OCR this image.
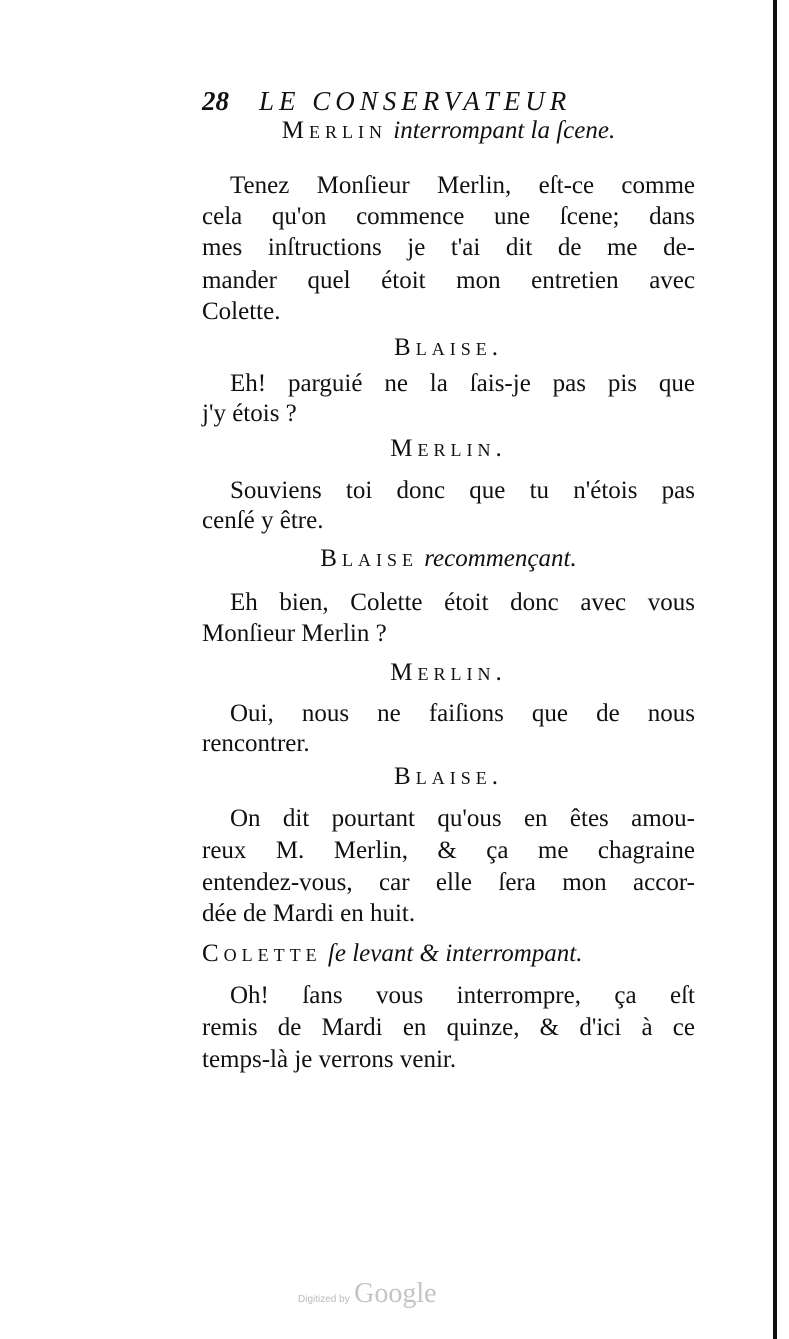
28 LE CONSERVATEUR
Merlin interrompant la ſcene.
Tenez Monſieur Merlin, eſt-ce comme
cela qu'on commence une ſcene; dans
mes inſtructions je t'ai dit de me de-
mander quel étoit mon entretien avec
Colette.
Blaise.
Eh! parguié ne la ſais-je pas pis que
j'y étois ?
Merlin.
Souviens toi donc que tu n'étois pas
cenſé y être.
Blaise recommençant.
Eh bien, Colette étoit donc avec vous
Monſieur Merlin ?
Merlin.
Oui, nous ne faiſions que de nous
rencontrer.
Blaise.
On dit pourtant qu'ous en êtes amou-
reux M. Merlin, & ça me chagraine
entendez-vous, car elle ſera mon accor-
dée de Mardi en huit.
Colette ſe levant & interrompant.
Oh! ſans vous interrompre, ça eſt
remis de Mardi en quinze, & d'ici à ce
temps-là je verrons venir.
Digitized by Google
